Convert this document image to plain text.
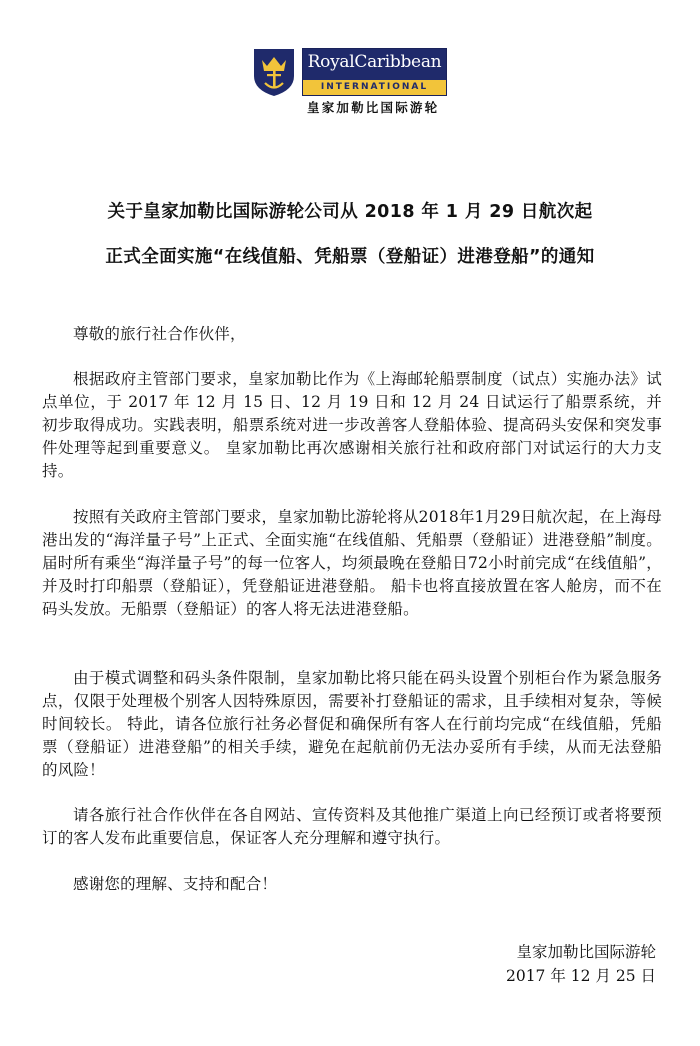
RoyalCaribbean
INTERNATIONAL
皇家加勒比国际游轮
关于皇家加勒比国际游轮公司从 2018 年 1 月 29 日航次起
正式全面实施“在线值船、凭船票（登船证）进港登船”的通知
尊敬的旅行社合作伙伴，
根据政府主管部门要求，皇家加勒比作为《上海邮轮船票制度（试点）实施办法》试点单位，于 2017 年 12 月 15 日、12 月 19 日和 12 月 24 日试运行了船票系统，并初步取得成功。实践表明，船票系统对进一步改善客人登船体验、提高码头安保和突发事件处理等起到重要意义。 皇家加勒比再次感谢相关旅行社和政府部门对试运行的大力支持。
按照有关政府主管部门要求，皇家加勒比游轮将从2018年1月29日航次起，在上海母港出发的“海洋量子号”上正式、全面实施“在线值船、凭船票（登船证）进港登船”制度。届时所有乘坐“海洋量子号”的每一位客人，均须最晚在登船日72小时前完成“在线值船”，并及时打印船票（登船证），凭登船证进港登船。 船卡也将直接放置在客人舱房，而不在码头发放。无船票（登船证）的客人将无法进港登船。
由于模式调整和码头条件限制，皇家加勒比将只能在码头设置个别柜台作为紧急服务点，仅限于处理极个别客人因特殊原因，需要补打登船证的需求，且手续相对复杂，等候时间较长。 特此，请各位旅行社务必督促和确保所有客人在行前均完成“在线值船，凭船票（登船证）进港登船”的相关手续，避免在起航前仍无法办妥所有手续，从而无法登船的风险！
请各旅行社合作伙伴在各自网站、宣传资料及其他推广渠道上向已经预订或者将要预订的客人发布此重要信息，保证客人充分理解和遵守执行。
感谢您的理解、支持和配合！
皇家加勒比国际游轮
2017 年 12 月 25 日
